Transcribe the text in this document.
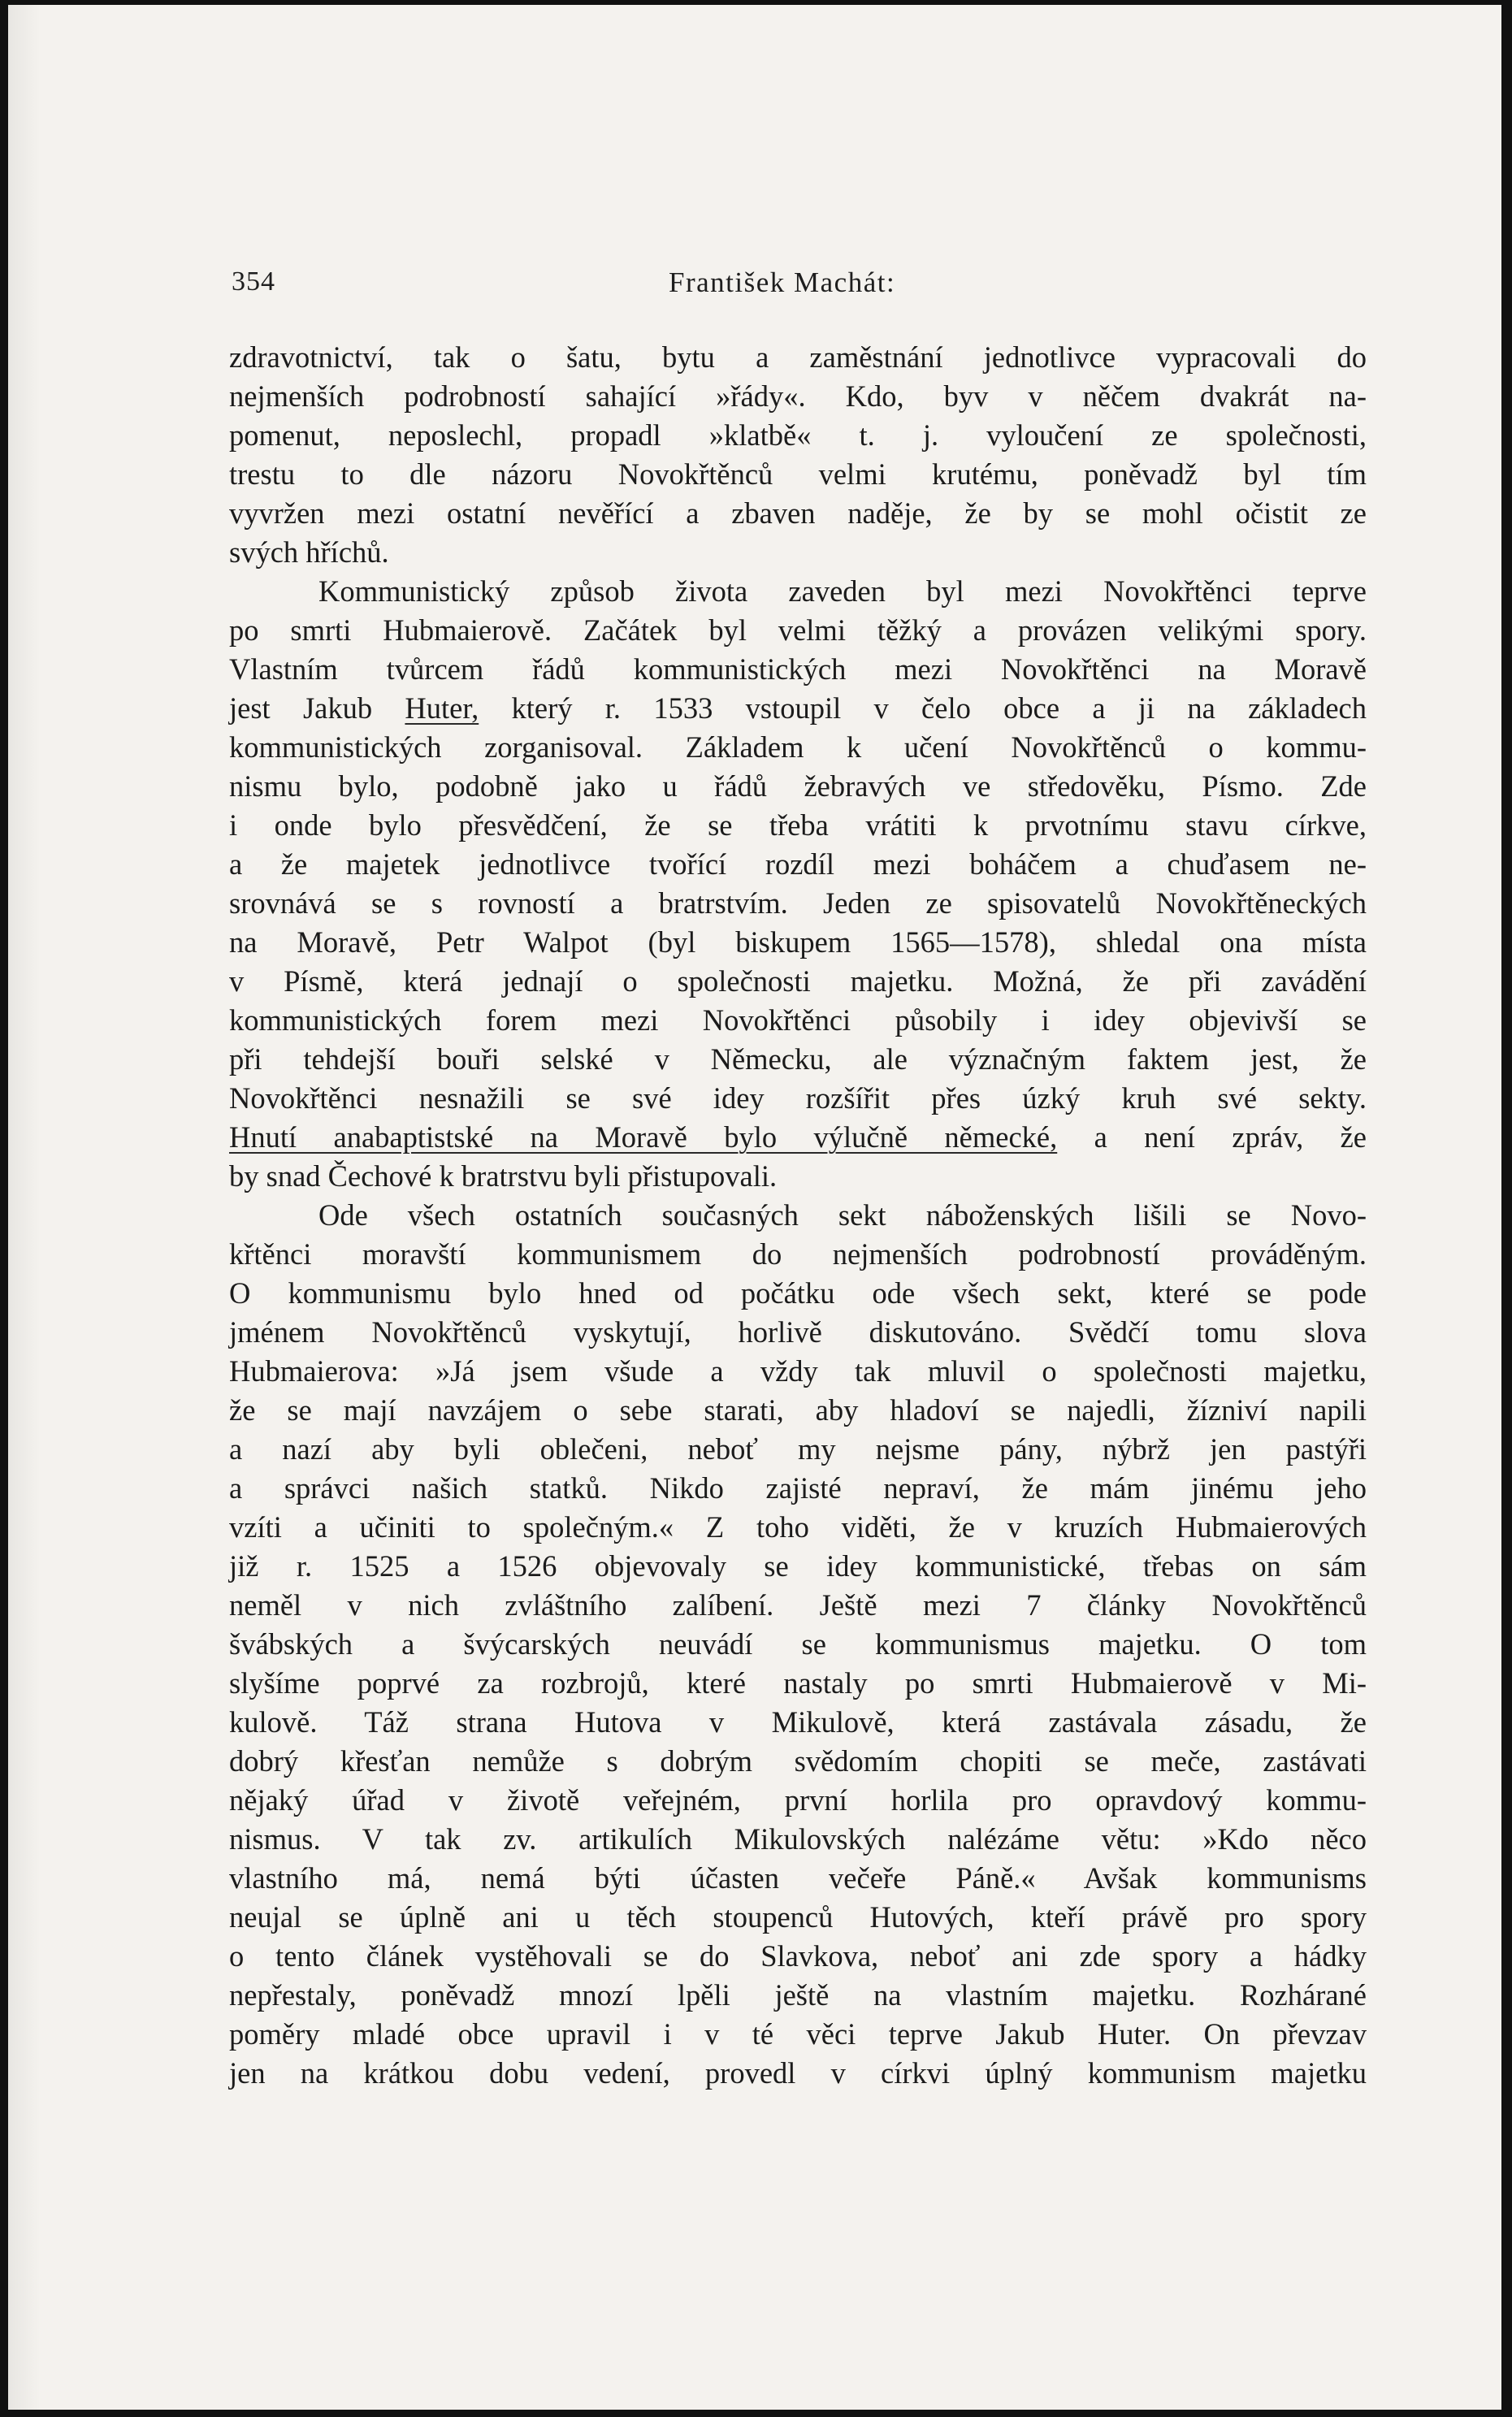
354	František Machát:
zdravotnictví, tak o šatu, bytu a zaměstnání jednotlivce vypracovali do
nejmenších podrobností sahající »řády«. Kdo, byv v něčem dvakrát na-
pomenut, neposlechl, propadl »klatbě« t. j. vyloučení ze společnosti,
trestu to dle názoru Novokřtěnců velmi krutému, poněvadž byl tím
vyvržen mezi ostatní nevěřící a zbaven naděje, že by se mohl očistit ze
svých hříchů.
Kommunistický způsob života zaveden byl mezi Novokřtěnci teprve
po smrti Hubmaierově. Začátek byl velmi těžký a provázen velikými spory.
Vlastním tvůrcem řádů kommunistických mezi Novokřtěnci na Moravě
jest Jakub Huter, který r. 1533 vstoupil v čelo obce a ji na základech
kommunistických zorganisoval. Základem k učení Novokřtěnců o kommu-
nismu bylo, podobně jako u řádů žebravých ve středověku, Písmo. Zde
i onde bylo přesvědčení, že se třeba vrátiti k prvotnímu stavu církve,
a že majetek jednotlivce tvořící rozdíl mezi boháčem a chuďasem ne-
srovnává se s rovností a bratrstvím. Jeden ze spisovatelů Novokřtěneckých
na Moravě, Petr Walpot (byl biskupem 1565—1578), shledal ona místa
v Písmě, která jednají o společnosti majetku. Možná, že při zavádění
kommunistických forem mezi Novokřtěnci působily i idey objevivší se
při tehdejší bouři selské v Německu, ale význačným faktem jest, že
Novokřtěnci nesnažili se své idey rozšířit přes úzký kruh své sekty.
Hnutí anabaptistské na Moravě bylo výlučně německé, a není zpráv, že
by snad Čechové k bratrstvu byli přistupovali.
Ode všech ostatních současných sekt náboženských lišili se Novo-
křtěnci moravští kommunismem do nejmenších podrobností prováděným.
O kommunismu bylo hned od počátku ode všech sekt, které se pode
jménem Novokřtěnců vyskytují, horlivě diskutováno. Svědčí tomu slova
Hubmaierova: »Já jsem všude a vždy tak mluvil o společnosti majetku,
že se mají navzájem o sebe starati, aby hladoví se najedli, žízniví napili
a nazí aby byli oblečeni, neboť my nejsme pány, nýbrž jen pastýři
a správci našich statků. Nikdo zajisté nepraví, že mám jinému jeho
vzíti a učiniti to společným.« Z toho viděti, že v kruzích Hubmaierových
již r. 1525 a 1526 objevovaly se idey kommunistické, třebas on sám
neměl v nich zvláštního zalíbení. Ještě mezi 7 články Novokřtěnců
švábských a švýcarských neuvádí se kommunismus majetku. O tom
slyšíme poprvé za rozbrojů, které nastaly po smrti Hubmaierově v Mi-
kulově. Táž strana Hutova v Mikulově, která zastávala zásadu, že
dobrý křesťan nemůže s dobrým svědomím chopiti se meče, zastávati
nějaký úřad v životě veřejném, první horlila pro opravdový kommu-
nismus. V tak zv. artikulích Mikulovských nalézáme větu: »Kdo něco
vlastního má, nemá býti účasten večeře Páně.« Avšak kommunisms
neujal se úplně ani u těch stoupenců Hutových, kteří právě pro spory
o tento článek vystěhovali se do Slavkova, neboť ani zde spory a hádky
nepřestaly, poněvadž mnozí lpěli ještě na vlastním majetku. Rozhárané
poměry mladé obce upravil i v té věci teprve Jakub Huter. On převzav
jen na krátkou dobu vedení, provedl v církvi úplný kommunism majetku
